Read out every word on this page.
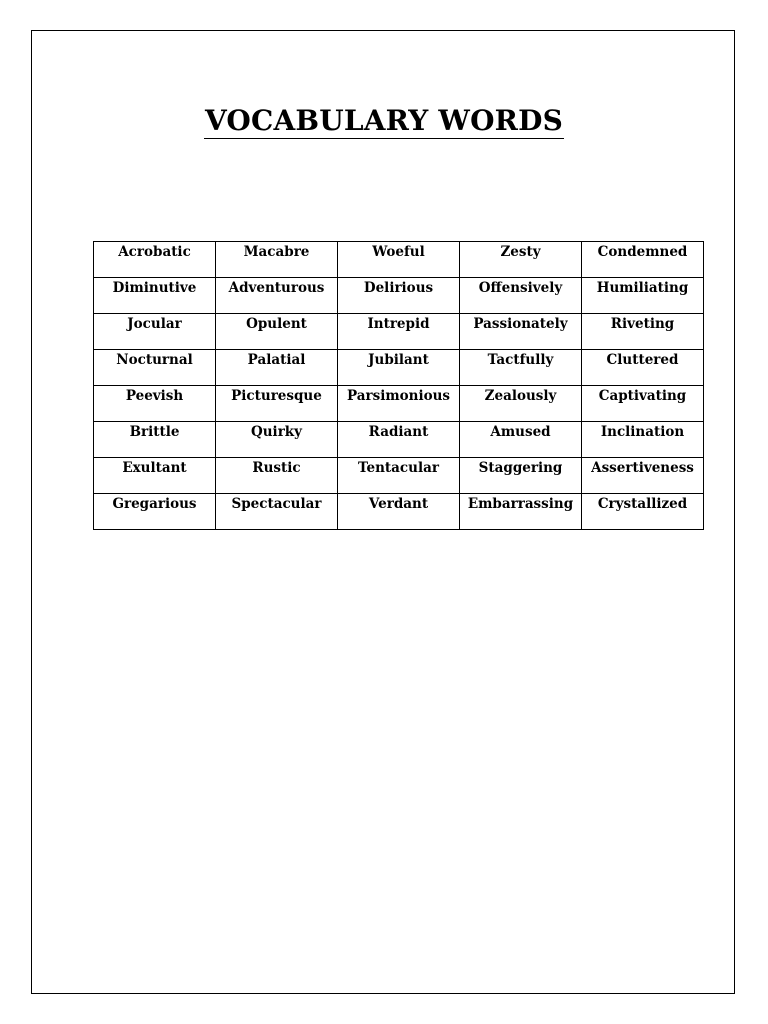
VOCABULARY WORDS
Acrobatic	Macabre	Woeful	Zesty	Condemned
Diminutive	Adventurous	Delirious	Offensively	Humiliating
Jocular	Opulent	Intrepid	Passionately	Riveting
Nocturnal	Palatial	Jubilant	Tactfully	Cluttered
Peevish	Picturesque	Parsimonious	Zealously	Captivating
Brittle	Quirky	Radiant	Amused	Inclination
Exultant	Rustic	Tentacular	Staggering	Assertiveness
Gregarious	Spectacular	Verdant	Embarrassing	Crystallized
